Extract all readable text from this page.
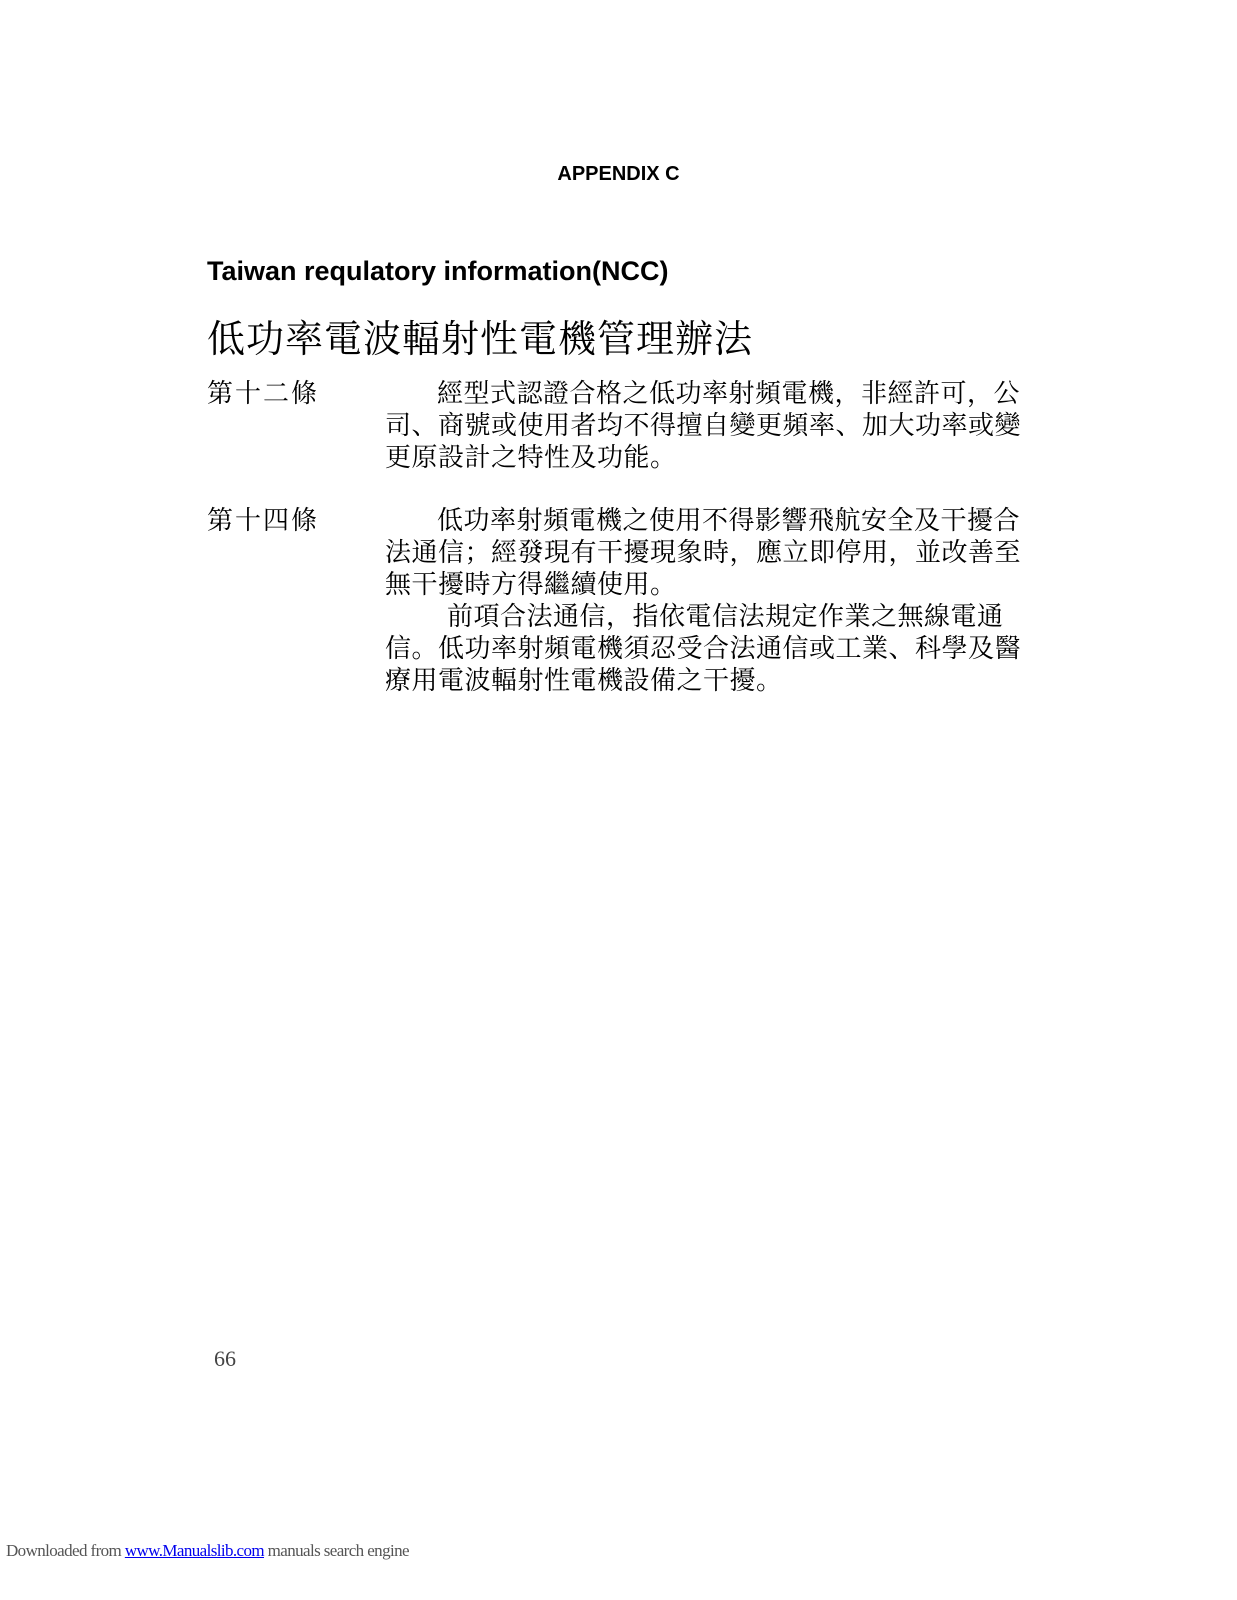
APPENDIX C
Taiwan requlatory information(NCC)
低功率電波輻射性電機管理辦法
第十二條	經型式認證合格之低功率射頻電機，非經許可，公司、商號或使用者均不得擅自變更頻率、加大功率或變更原設計之特性及功能。

第十四條	低功率射頻電機之使用不得影響飛航安全及干擾合法通信；經發現有干擾現象時，應立即停用，並改善至無干擾時方得繼續使用。

前項合法通信，指依電信法規定作業之無線電通信。低功率射頻電機須忍受合法通信或工業、科學及醫療用電波輻射性電機設備之干擾。

66
Downloaded from www.Manualslib.com manuals search engine
